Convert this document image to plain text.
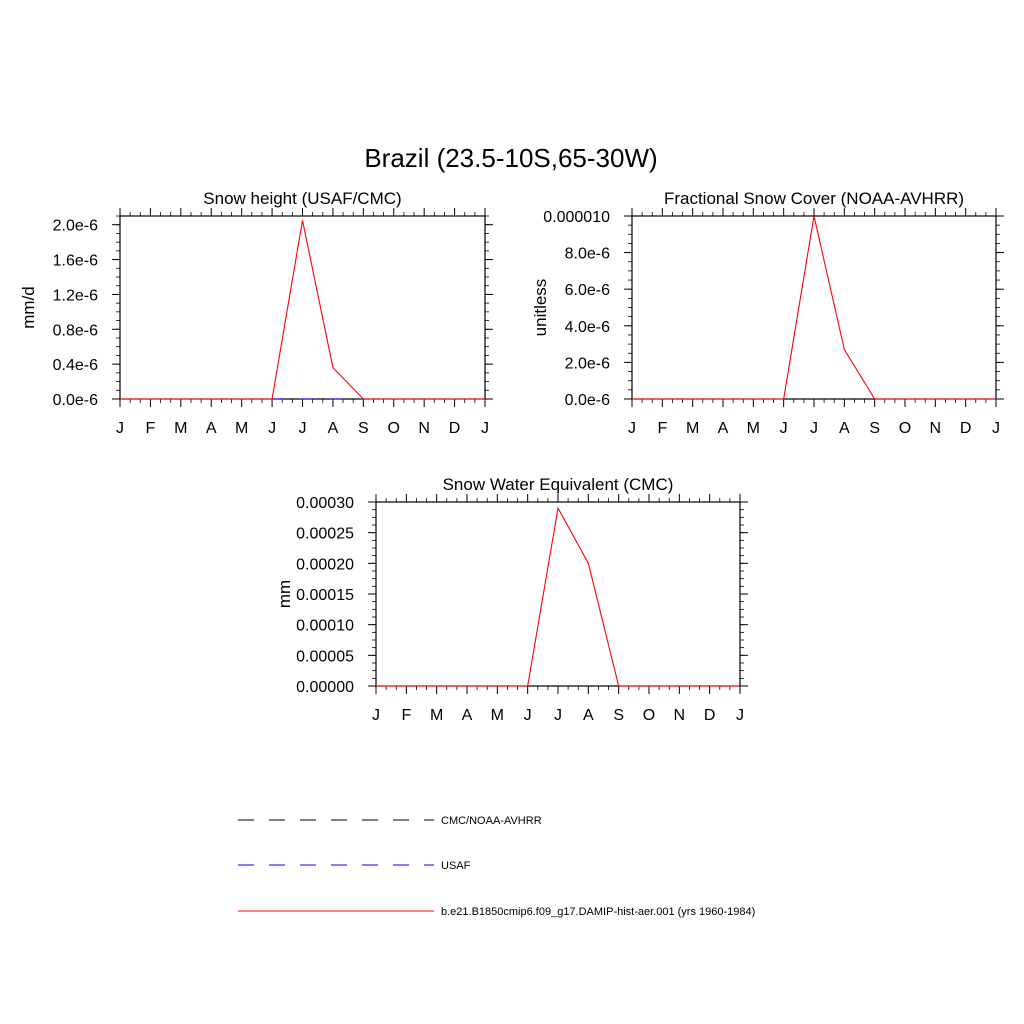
Brazil (23.5-10S,65-30W)
Snow height (USAF/CMC)
mm/d
J F M A M J J A S O N D J
0.0e-6
0.4e-6
0.8e-6
1.2e-6
1.6e-6
2.0e-6
Fractional Snow Cover (NOAA-AVHRR)
unitless
J F M A M J J A S O N D J
0.0e-6
2.0e-6
4.0e-6
6.0e-6
8.0e-6
0.000010
Snow Water Equivalent (CMC)
mm
J F M A M J J A S O N D J
0.00000
0.00005
0.00010
0.00015
0.00020
0.00025
0.00030
CMC/NOAA-AVHRR
USAF
b.e21.B1850cmip6.f09_g17.DAMIP-hist-aer.001 (yrs 1960-1984)
